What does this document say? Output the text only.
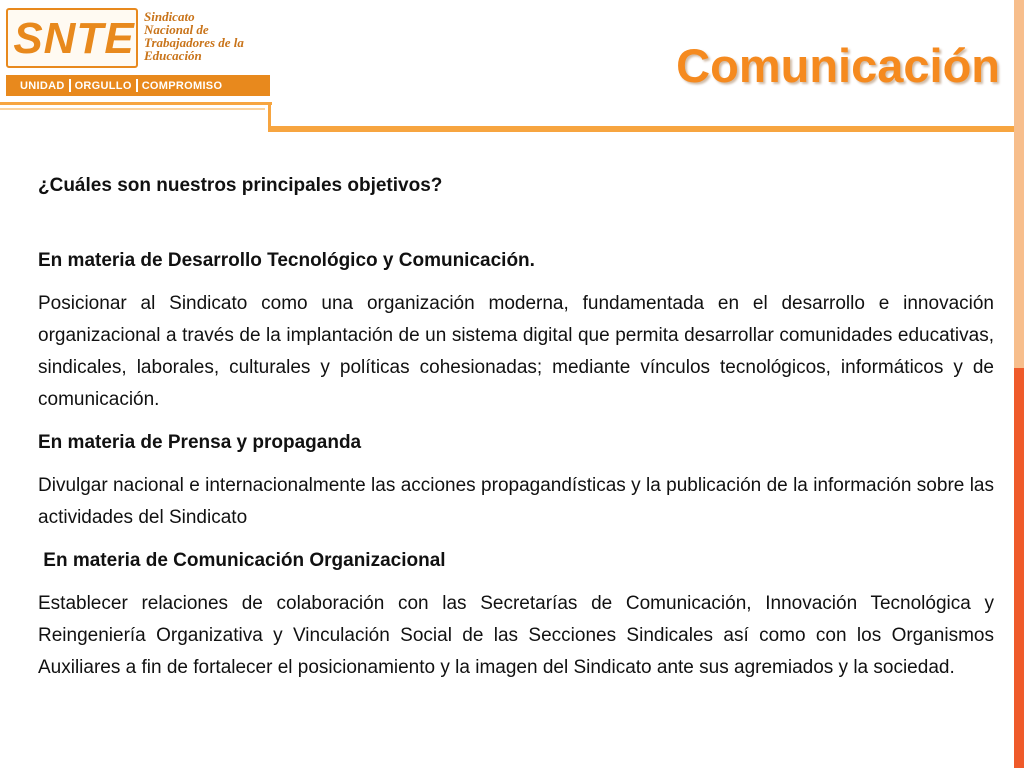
SNTE Sindicato
Nacional de
Trabajadores de la
Educación
UNIDAD ORGULLO COMPROMISO	Comunicación

¿Cuáles son nuestros principales objetivos?

En materia de Desarrollo Tecnológico y Comunicación.

Posicionar al Sindicato como una organización moderna, fundamentada en el desarrollo e innovación organizacional a través de la implantación de un sistema digital que permita desarrollar comunidades educativas, sindicales, laborales, culturales y políticas cohesionadas; mediante vínculos tecnológicos, informáticos y de comunicación.

En materia de Prensa y propaganda

Divulgar nacional e internacionalmente las acciones propagandísticas y la publicación de la información sobre las actividades del Sindicato

En materia de Comunicación Organizacional

Establecer relaciones de colaboración con las Secretarías de Comunicación, Innovación Tecnológica y Reingeniería Organizativa y Vinculación Social de las Secciones Sindicales así como con los Organismos Auxiliares a fin de fortalecer el posicionamiento y la imagen del Sindicato ante sus agremiados y la sociedad.
